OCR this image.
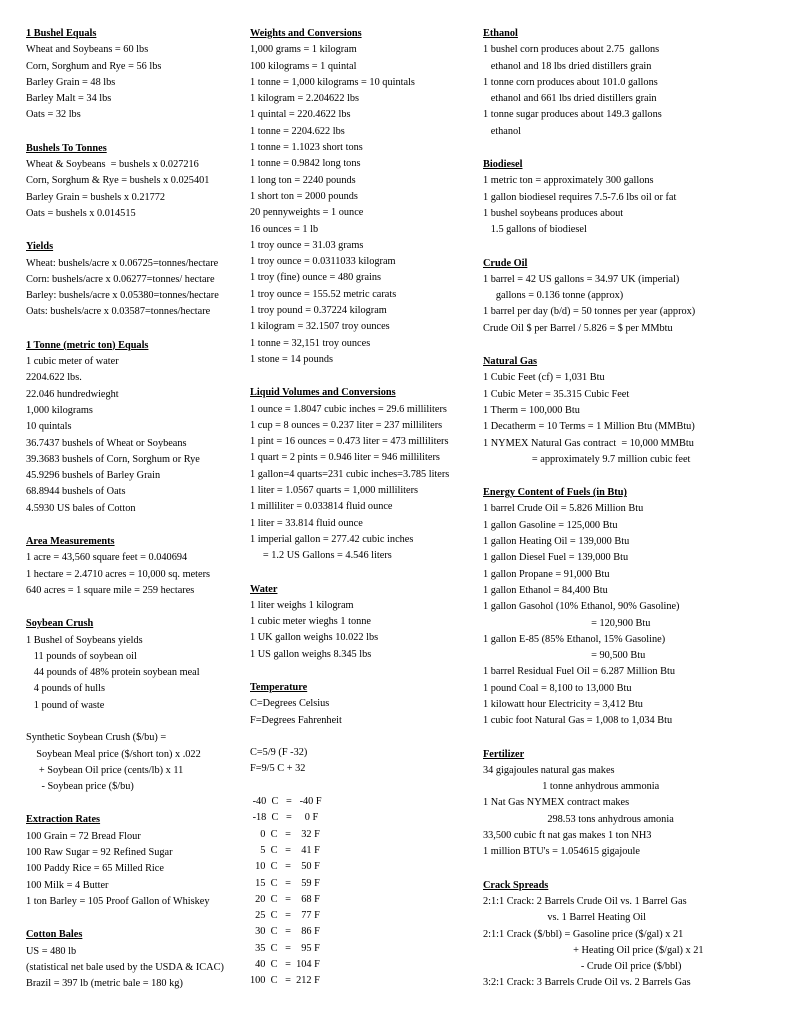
1 Bushel Equals
Wheat and Soybeans = 60 lbs
Corn, Sorghum and Rye = 56 lbs
Barley Grain = 48 lbs
Barley Malt = 34 lbs
Oats = 32 lbs
Bushels To Tonnes
Wheat & Soybeans  = bushels x 0.027216
Corn, Sorghum & Rye = bushels x 0.025401
Barley Grain = bushels x 0.21772
Oats = bushels x 0.014515
Yields
Wheat: bushels/acre x 0.06725=tonnes/hectare
Corn: bushels/acre x 0.06277=tonnes/ hectare
Barley: bushels/acre x 0.05380=tonnes/hectare
Oats: bushels/acre x 0.03587=tonnes/hectare
1 Tonne (metric ton) Equals
1 cubic meter of water
2204.622 lbs.
22.046 hundredwieght
1,000 kilograms
10 quintals
36.7437 bushels of Wheat or Soybeans
39.3683 bushels of Corn, Sorghum or Rye
45.9296 bushels of Barley Grain
68.8944 bushels of Oats
4.5930 US bales of Cotton
Area Measurements
1 acre = 43,560 square feet = 0.040694
1 hectare = 2.4710 acres = 10,000 sq. meters
640 acres = 1 square mile = 259 hectares
Soybean Crush
1 Bushel of Soybeans yields
11 pounds of soybean oil
44 pounds of 48% protein soybean meal
4 pounds of hulls
1 pound of waste
Synthetic Soybean Crush ($/bu) =
Soybean Meal price ($/short ton) x .022
+ Soybean Oil price (cents/lb) x 11
- Soybean price ($/bu)
Extraction Rates
100 Grain = 72 Bread Flour
100 Raw Sugar = 92 Refined Sugar
100 Paddy Rice = 65 Milled Rice
100 Milk = 4 Butter
1 ton Barley = 105 Proof Gallon of Whiskey
Cotton Bales
US = 480 lb
(statistical net bale used by the USDA & ICAC)
Brazil = 397 lb (metric bale = 180 kg)
Weights and Conversions
1,000 grams = 1 kilogram
100 kilograms = 1 quintal
1 tonne = 1,000 kilograms = 10 quintals
1 kilogram = 2.204622 lbs
1 quintal = 220.4622 lbs
1 tonne = 2204.622 lbs
1 tonne = 1.1023 short tons
1 tonne = 0.9842 long tons
1 long ton = 2240 pounds
1 short ton = 2000 pounds
20 pennyweights = 1 ounce
16 ounces = 1 lb
1 troy ounce = 31.03 grams
1 troy ounce = 0.0311033 kilogram
1 troy (fine) ounce = 480 grains
1 troy ounce = 155.52 metric carats
1 troy pound = 0.37224 kilogram
1 kilogram = 32.1507 troy ounces
1 tonne = 32,151 troy ounces
1 stone = 14 pounds
Liquid Volumes and Conversions
1 ounce = 1.8047 cubic inches = 29.6 milliliters
1 cup = 8 ounces = 0.237 liter = 237 milliliters
1 pint = 16 ounces = 0.473 liter = 473 milliliters
1 quart = 2 pints = 0.946 liter = 946 milliliters
1 gallon=4 quarts=231 cubic inches=3.785 liters
1 liter = 1.0567 quarts = 1,000 milliliters
1 milliliter = 0.033814 fluid ounce
1 liter = 33.814 fluid ounce
1 imperial gallon = 277.42 cubic inches
= 1.2 US Gallons = 4.546 liters
Water
1 liter weighs 1 kilogram
1 cubic meter wieghs 1 tonne
1 UK gallon weighs 10.022 lbs
1 US gallon weighs 8.345 lbs
Temperature
C=Degrees Celsius
F=Degrees Fahrenheit
C=5/9 (F -32)
F=9/5 C + 32
-40  C   =   -40 F
-18  C   =     0 F
0  C   =    32 F
5  C   =    41 F
10  C   =    50 F
15  C   =    59 F
20  C   =    68 F
25  C   =    77 F
30  C   =    86 F
35  C   =    95 F
40  C   =  104 F
100  C   =  212 F
Ethanol
1 bushel corn produces about 2.75  gallons
ethanol and 18 lbs dried distillers grain
1 tonne corn produces about 101.0 gallons
ethanol and 661 lbs dried distillers grain
1 tonne sugar produces about 149.3 gallons
ethanol
Biodiesel
1 metric ton = approximately 300 gallons
1 gallon biodiesel requires 7.5-7.6 lbs oil or fat
1 bushel soybeans produces about
1.5 gallons of biodiesel
Crude Oil
1 barrel = 42 US gallons = 34.97 UK (imperial)
gallons = 0.136 tonne (approx)
1 barrel per day (b/d) = 50 tonnes per year (approx)
Crude Oil $ per Barrel / 5.826 = $ per MMbtu
Natural Gas
1 Cubic Feet (cf) = 1,031 Btu
1 Cubic Meter = 35.315 Cubic Feet
1 Therm = 100,000 Btu
1 Decatherm = 10 Terms = 1 Million Btu (MMBtu)
1 NYMEX Natural Gas contract  = 10,000 MMBtu
= approximately 9.7 million cubic feet
Energy Content of Fuels (in Btu)
1 barrel Crude Oil = 5.826 Million Btu
1 gallon Gasoline = 125,000 Btu
1 gallon Heating Oil = 139,000 Btu
1 gallon Diesel Fuel = 139,000 Btu
1 gallon Propane = 91,000 Btu
1 gallon Ethanol = 84,400 Btu
1 gallon Gasohol (10% Ethanol, 90% Gasoline)
= 120,900 Btu
1 gallon E-85 (85% Ethanol, 15% Gasoline)
= 90,500 Btu
1 barrel Residual Fuel Oil = 6.287 Million Btu
1 pound Coal = 8,100 to 13,000 Btu
1 kilowatt hour Electricity = 3,412 Btu
1 cubic foot Natural Gas = 1,008 to 1,034 Btu
Fertilizer
34 gigajoules natural gas makes
1 tonne anhydrous ammonia
1 Nat Gas NYMEX contract makes
298.53 tons anhydrous amonia
33,500 cubic ft nat gas makes 1 ton NH3
1 million BTU's = 1.054615 gigajoule
Crack Spreads
2:1:1 Crack: 2 Barrels Crude Oil vs. 1 Barrel Gas
vs. 1 Barrel Heating Oil
2:1:1 Crack ($/bbl) = Gasoline price ($/gal) x 21
+ Heating Oil price ($/gal) x 21
- Crude Oil price ($/bbl)
3:2:1 Crack: 3 Barrels Crude Oil vs. 2 Barrels Gas
